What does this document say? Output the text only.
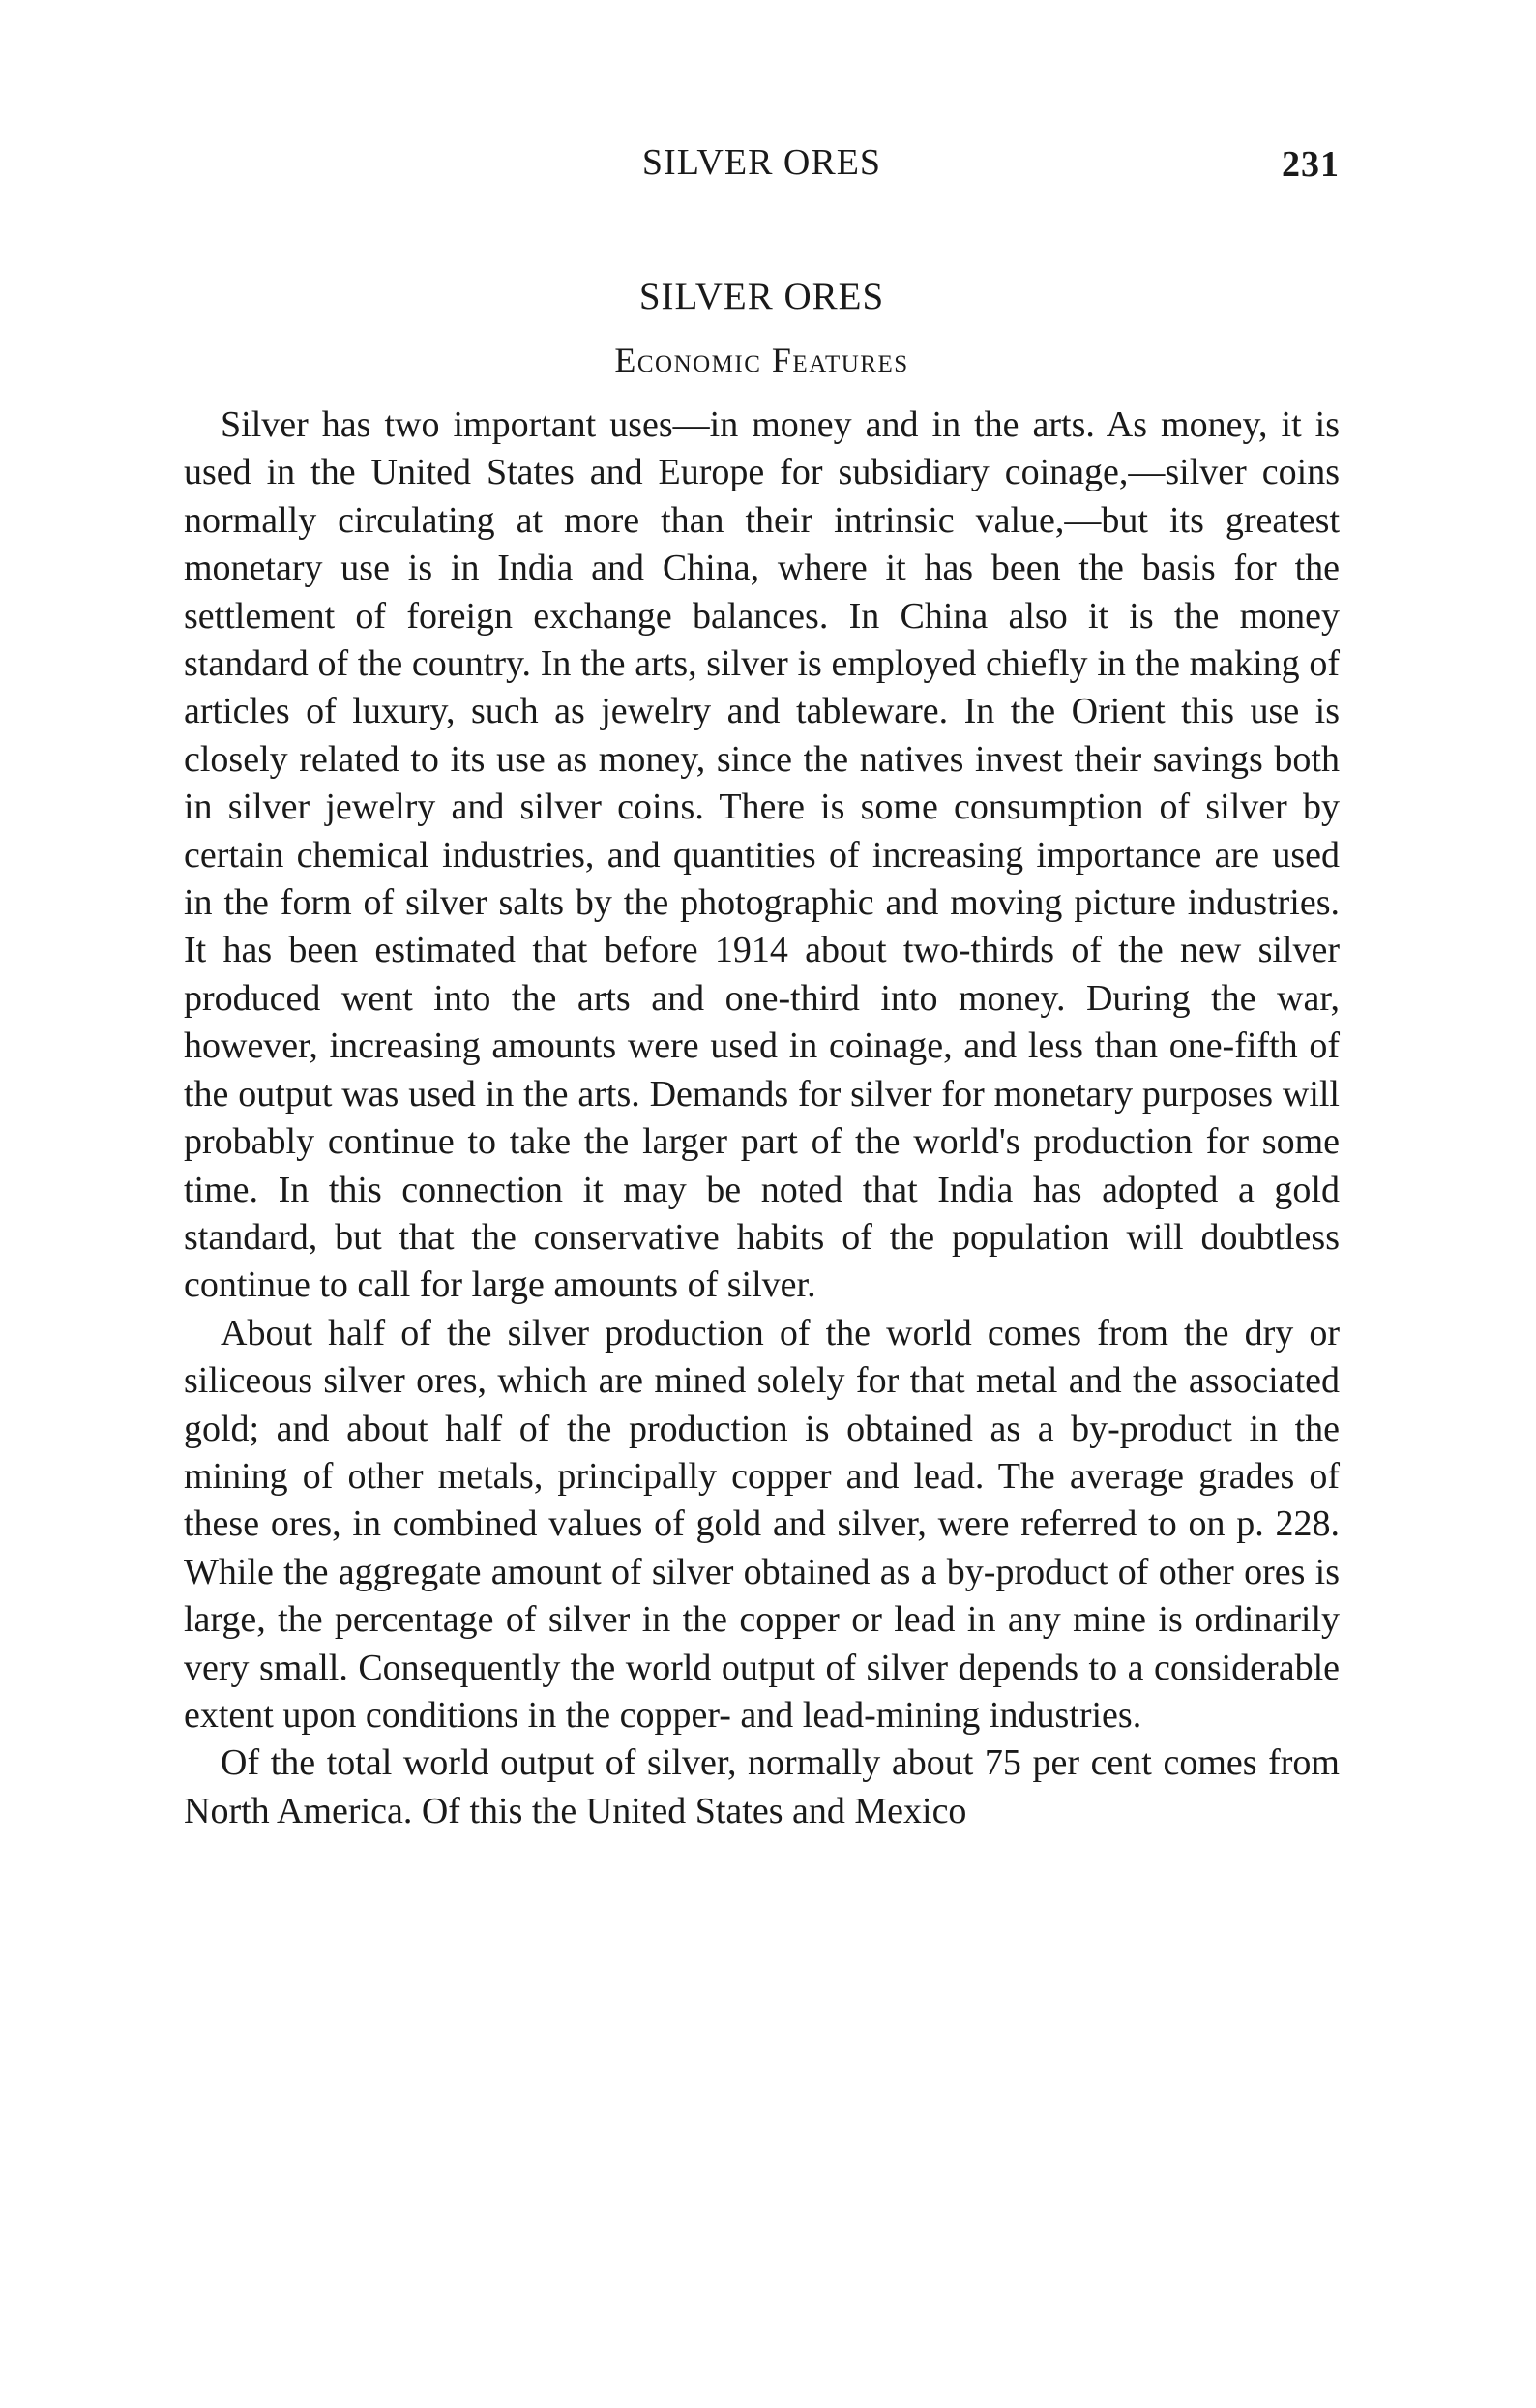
SILVER ORES	231
SILVER ORES
Economic Features

Silver has two important uses—in money and in the arts. As money, it is used in the United States and Europe for subsidiary coinage,—silver coins normally circulating at more than their intrinsic value,—but its greatest monetary use is in India and China, where it has been the basis for the settlement of foreign exchange balances. In China also it is the money standard of the country. In the arts, silver is employed chiefly in the making of articles of luxury, such as jewelry and tableware. In the Orient this use is closely related to its use as money, since the natives invest their savings both in silver jewelry and silver coins. There is some consumption of silver by certain chemical industries, and quantities of increasing importance are used in the form of silver salts by the photographic and moving picture industries. It has been estimated that before 1914 about two-thirds of the new silver produced went into the arts and one-third into money. During the war, however, increasing amounts were used in coinage, and less than one-fifth of the output was used in the arts. Demands for silver for monetary purposes will probably continue to take the larger part of the world's production for some time. In this connection it may be noted that India has adopted a gold standard, but that the conservative habits of the population will doubtless continue to call for large amounts of silver.

About half of the silver production of the world comes from the dry or siliceous silver ores, which are mined solely for that metal and the associated gold; and about half of the production is obtained as a by-product in the mining of other metals, principally copper and lead. The average grades of these ores, in combined values of gold and silver, were referred to on p. 228. While the aggregate amount of silver obtained as a by-product of other ores is large, the percentage of silver in the copper or lead in any mine is ordinarily very small. Consequently the world output of silver depends to a considerable extent upon conditions in the copper- and lead-mining industries.

Of the total world output of silver, normally about 75 per cent comes from North America. Of this the United States and Mexico
